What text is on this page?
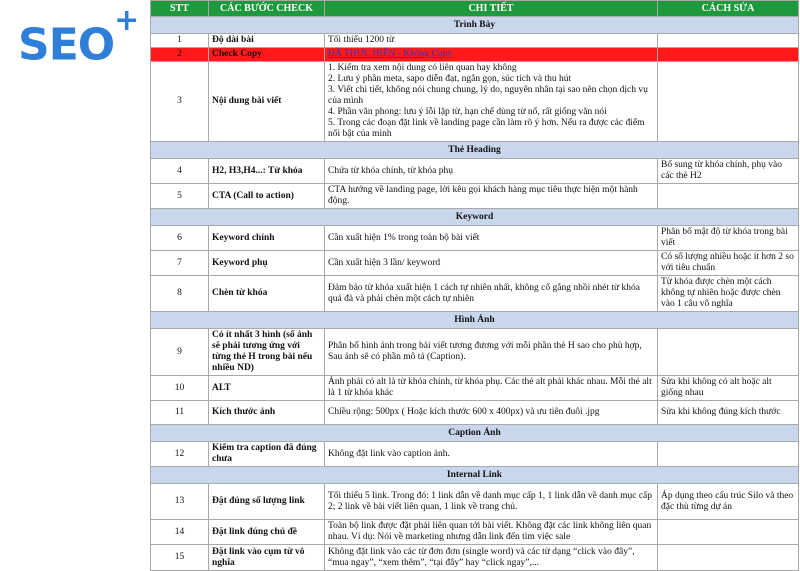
SEO+	STT	CÁC BƯỚC CHECK	CHI TIẾT	CÁCH SỬA
Trình Bày			
1	Độ dài bài	Tối thiểu 1200 từ	
2	Check Copy	ĐÃ THỰC HIỆN - Không Copy	
3	Nội dung bài viết	1. Kiểm tra xem nội dung có liên quan hay không
2. Lưu ý phần meta, sapo diễn đạt, ngắn gọn, súc tích và thu hút
3. Viết chi tiết, không nói chung chung, lý do, nguyên nhân tại sao nên chọn dịch vụ của mình
4. Phần văn phong: lưu ý lỗi lặp từ, hạn chế dùng từ nổ, rất giống văn nói
5. Trong các đoạn đặt link về landing page cần làm rõ ý hơn. Nếu ra được các điểm nổi bật của mình	

Thẻ Heading			
4	H2, H3,H4...: Từ khóa	Chứa từ khóa chính, từ khóa phụ	Bổ sung từ khóa chính, phụ vào các thẻ H2
5	CTA (Call to action)	CTA hướng về landing page, lời kêu gọi khách hàng mục tiêu thực hiện một hành động.	
Keyword			
6	Keyword chính	Cần xuất hiện 1% trong toàn bộ bài viết	Phân bổ mật độ từ khóa trong bài viết
7	Keyword phụ	Cần xuất hiện 3 lần/ keyword	Có số lượng nhiều hoặc ít hơn 2 so với tiêu chuẩn
8	Chèn từ khóa	Đảm bảo từ khóa xuất hiện 1 cách tự nhiên nhất, không cố gắng nhồi nhét từ khóa quá đà và phải chèn một cách tự nhiên	Từ khóa được chèn một cách không tự nhiên hoặc được chèn vào 1 câu vô nghĩa
Hình Ảnh			
9	Có ít nhất 3 hình (số ảnh sẽ phải tương ứng với từng thẻ H trong bài nếu nhiều ND)	Phân bổ hình ảnh trong bài viết tương đương với mỗi phần thẻ H sao cho phù hợp, Sau ảnh sẽ có phần mô tả (Caption).	
10	ALT	Ảnh phải có alt là từ khóa chính, từ khóa phụ. Các thẻ alt phải khác nhau. Mỗi thẻ alt là 1 từ khóa khác	Sửa khi không có alt hoặc alt giống nhau
11	Kích thước ảnh	Chiều rộng: 500px ( Hoặc kích thước 600 x 400px) và ưu tiên đuôi .jpg	Sửa khi không đúng kích thước
Caption Ảnh			
12	Kiểm tra caption đã đúng chưa	Không đặt link vào caption ảnh.	
Internal Link			
13	Đặt đúng số lượng link	Tối thiểu 5 link. Trong đó: 1 link dẫn về danh mục cấp 1, 1 link dẫn về danh mục cấp 2; 2 link về bài viết liên quan, 1 link về trang chủ.	Áp dụng theo cấu trúc Silo và theo đặc thù từng dự án
14	Đặt link đúng chủ đề	Toàn bộ link được đặt phải liên quan tới bài viết. Không đặt các link không liên quan nhau. Ví dụ: Nói về marketing nhưng dẫn link đến tìm việc sale	
15	Đặt link vào cụm từ vô nghĩa	Không đặt link vào các từ đơn đơn (single word) và các từ dạng “click vào đây”, “mua ngay”, “xem thêm”, “tại đây” hay “click ngay”,...	
